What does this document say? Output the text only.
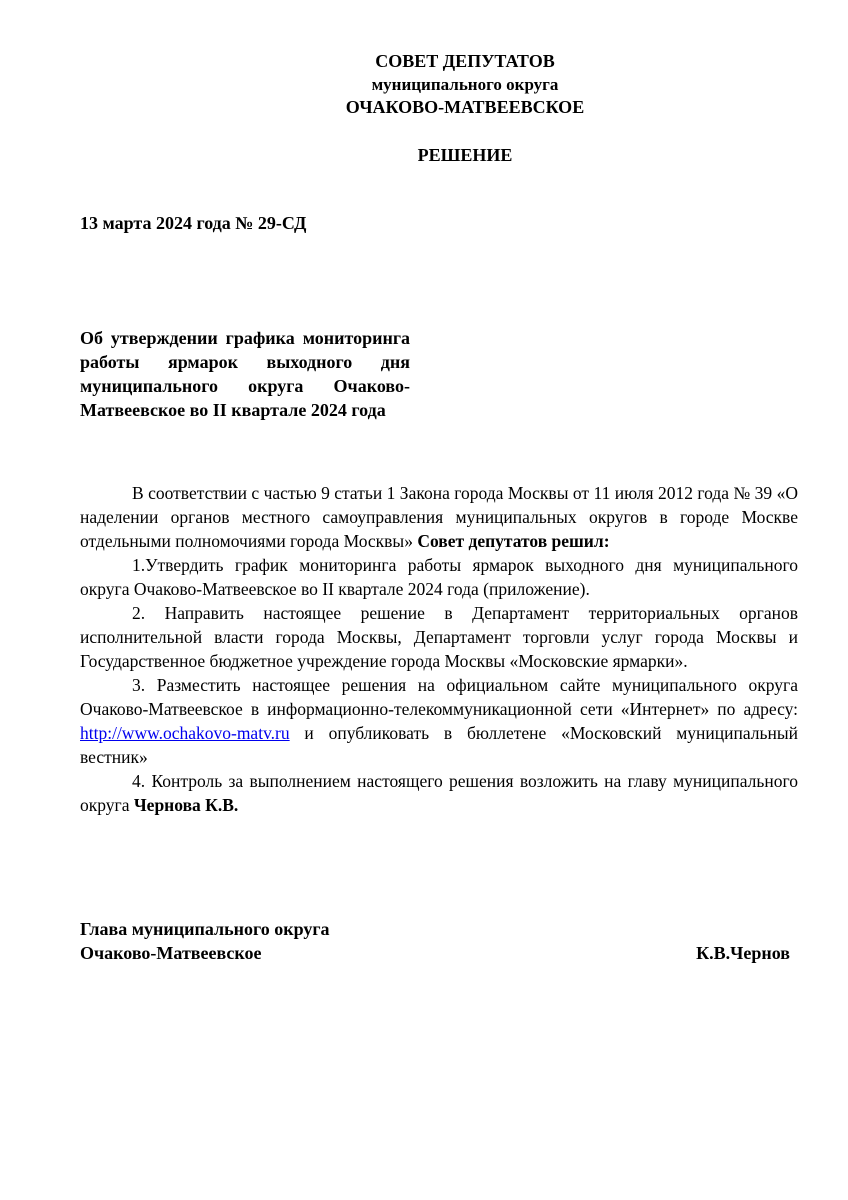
СОВЕТ ДЕПУТАТОВ
муниципального округа
ОЧАКОВО-МАТВЕЕВСКОЕ
РЕШЕНИЕ
13 марта 2024 года № 29-СД
Об утверждении графика мониторинга работы ярмарок выходного дня муниципального округа Очаково-Матвеевское во II квартале 2024 года

В соответствии с частью 9 статьи 1 Закона города Москвы от 11 июля 2012 года № 39 «О наделении органов местного самоуправления муниципальных округов в городе Москве отдельными полномочиями города Москвы» Совет депутатов решил:

1.Утвердить график мониторинга работы ярмарок выходного дня муниципального округа Очаково-Матвеевское во II квартале 2024 года (приложение).

2. Направить настоящее решение в Департамент территориальных органов исполнительной власти города Москвы, Департамент торговли услуг города Москвы и Государственное бюджетное учреждение города Москвы «Московские ярмарки».

3. Разместить настоящее решения на официальном сайте муниципального округа Очаково-Матвеевское в информационно-телекоммуникационной сети «Интернет» по адресу: http://www.ochakovo-matv.ru и опубликовать в бюллетене «Московский муниципальный вестник»

4. Контроль за выполнением настоящего решения возложить на главу муниципального округа Чернова К.В.

Глава муниципального округа
Очаково-Матвеевское	К.В.Чернов
